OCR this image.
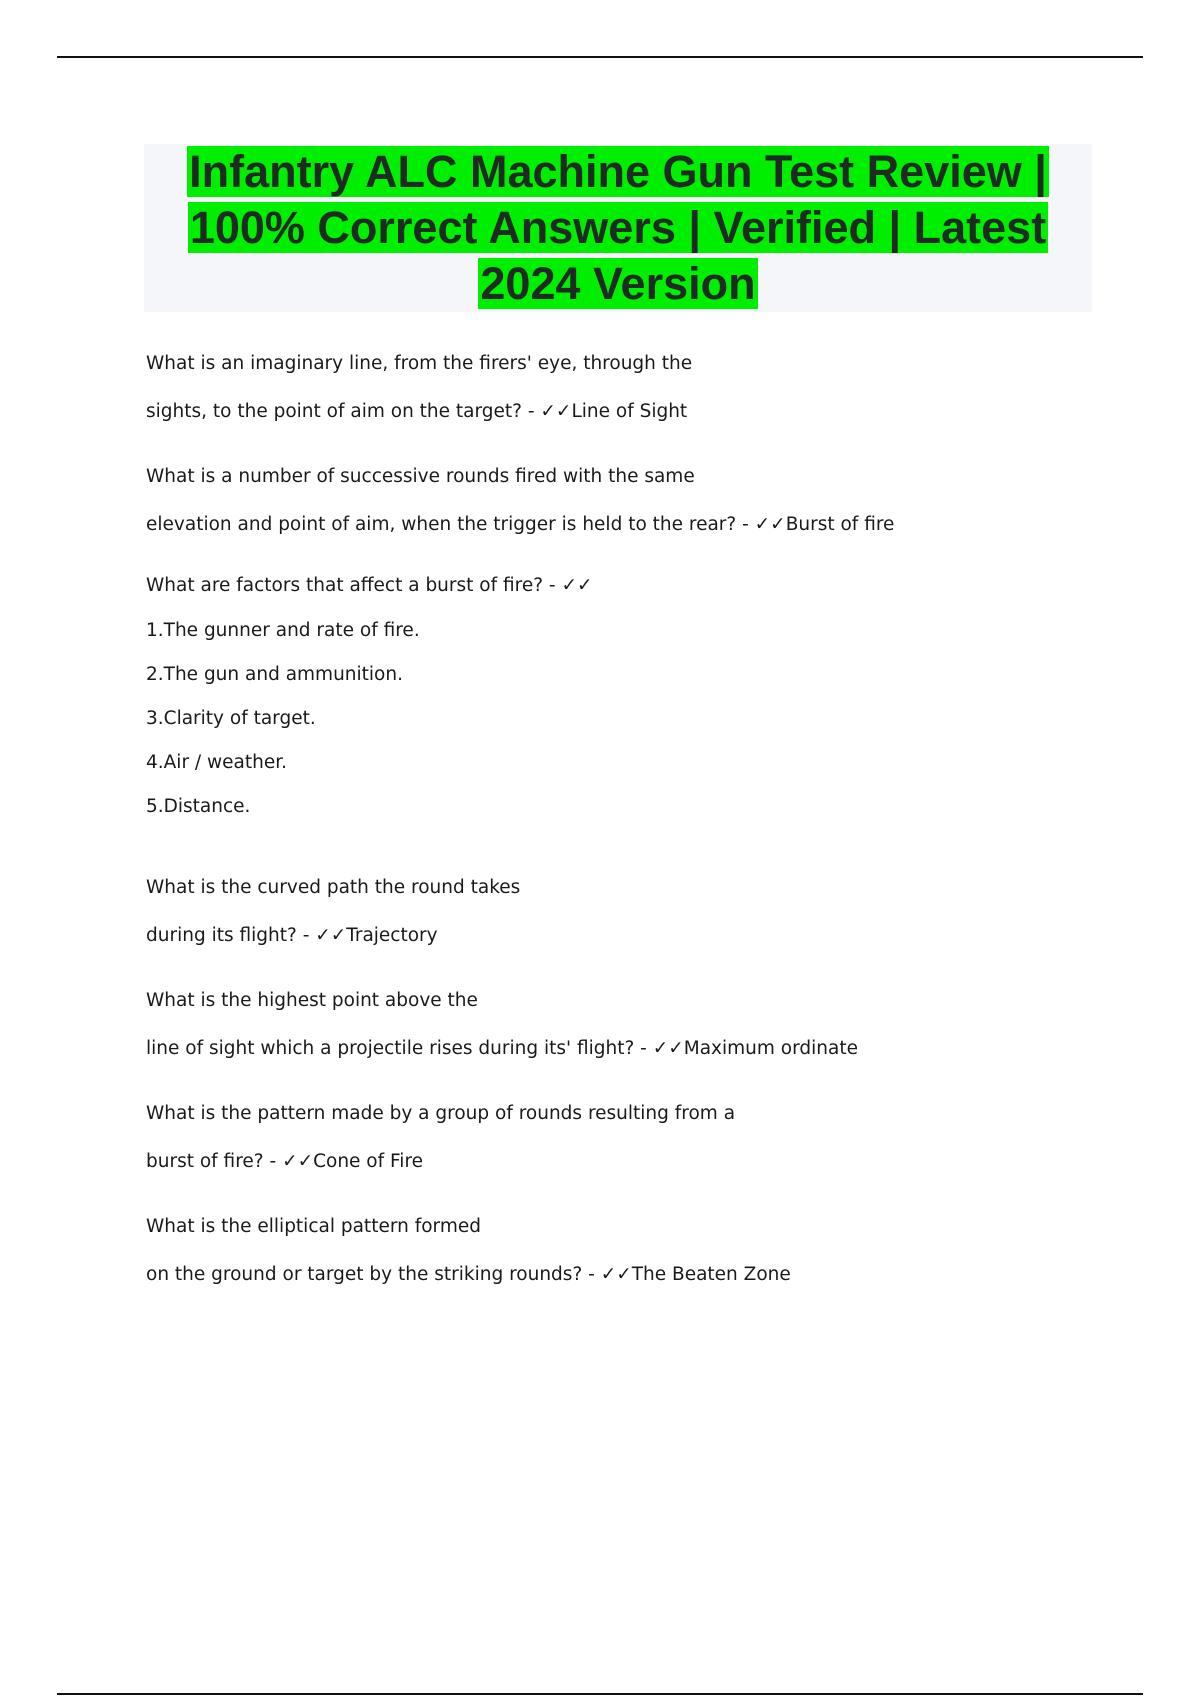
Infantry ALC Machine Gun Test Review |
100% Correct Answers | Verified | Latest
2024 Version
What is an imaginary line, from the firers' eye, through the
sights, to the point of aim on the target? - ✓✓Line of Sight
What is a number of successive rounds fired with the same
elevation and point of aim, when the trigger is held to the rear? - ✓✓Burst of fire
What are factors that affect a burst of fire? - ✓✓
1.The gunner and rate of fire.
2.The gun and ammunition.
3.Clarity of target.
4.Air / weather.
5.Distance.
What is the curved path the round takes
during its flight? - ✓✓Trajectory
What is the highest point above the
line of sight which a projectile rises during its' flight? - ✓✓Maximum ordinate
What is the pattern made by a group of rounds resulting from a
burst of fire? - ✓✓Cone of Fire
What is the elliptical pattern formed
on the ground or target by the striking rounds? - ✓✓The Beaten Zone
